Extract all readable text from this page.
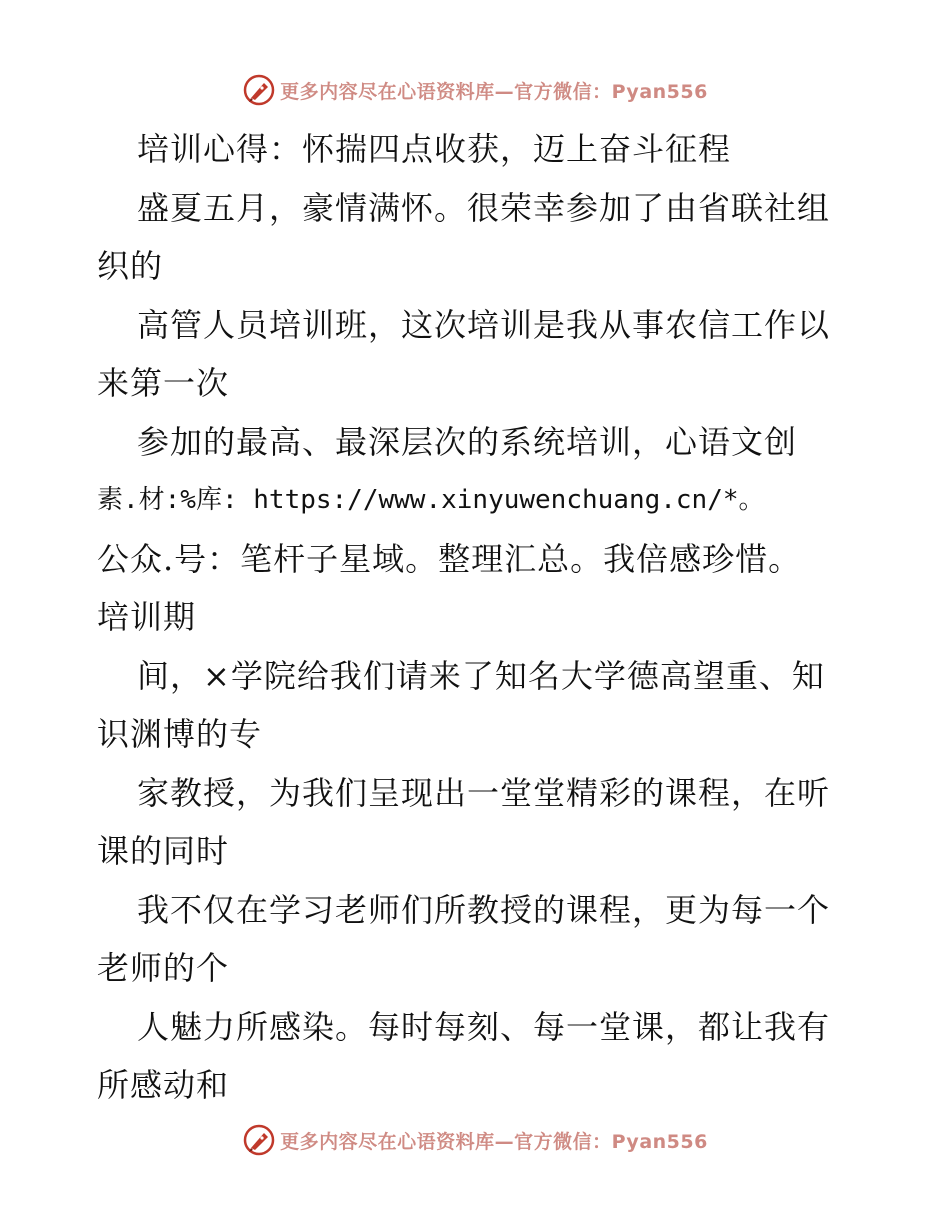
更多内容尽在心语资料库—官方微信：Pyan556
培训心得：怀揣四点收获，迈上奋斗征程
盛夏五月，豪情满怀。很荣幸参加了由省联社组
织的
高管人员培训班，这次培训是我从事农信工作以
来第一次
参加的最高、最深层次的系统培训，心语文创
素.材:%库: https://www.xinyuwenchuang.cn/*。
公众.号：笔杆子星域。整理汇总。我倍感珍惜。
培训期
间，×学院给我们请来了知名大学德高望重、知
识渊博的专
家教授，为我们呈现出一堂堂精彩的课程，在听
课的同时
我不仅在学习老师们所教授的课程，更为每一个
老师的个
人魅力所感染。每时每刻、每一堂课，都让我有
所感动和
更多内容尽在心语资料库—官方微信：Pyan556
